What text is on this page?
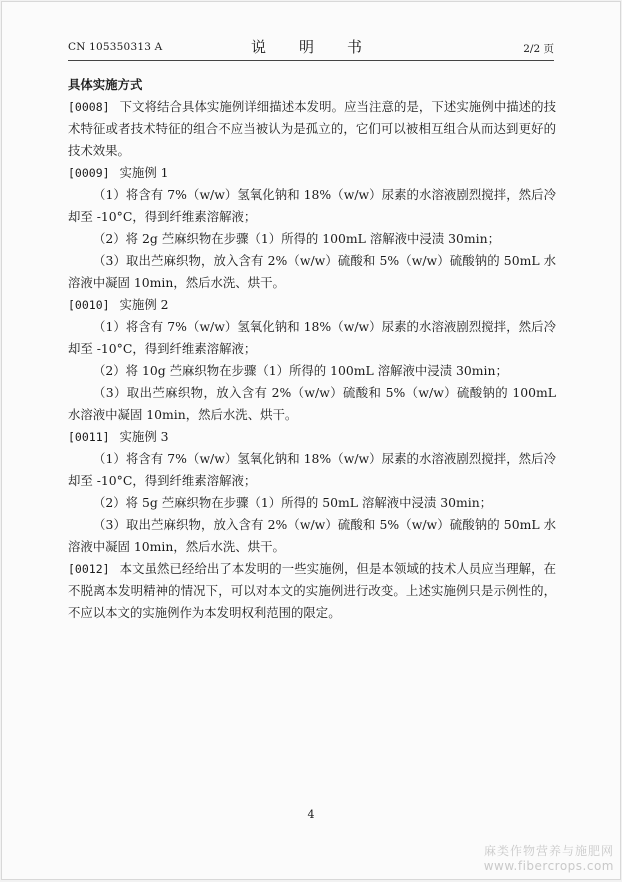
CN 105350313 A	说　明　书	2/2 页

具体实施方式

[0008] 下文将结合具体实施例详细描述本发明。应当注意的是，下述实施例中描述的技术特征或者技术特征的组合不应当被认为是孤立的，它们可以被相互组合从而达到更好的技术效果。

[0009] 实施例 1

（1）将含有 7%（w/w）氢氧化钠和 18%（w/w）尿素的水溶液剧烈搅拌，然后冷却至 -10°C，得到纤维素溶解液；

（2）将 2g 苎麻织物在步骤（1）所得的 100mL 溶解液中浸渍 30min；

（3）取出苎麻织物，放入含有 2%（w/w）硫酸和 5%（w/w）硫酸钠的 50mL 水溶液中凝固 10min，然后水洗、烘干。

[0010] 实施例 2

（1）将含有 7%（w/w）氢氧化钠和 18%（w/w）尿素的水溶液剧烈搅拌，然后冷却至 -10°C，得到纤维素溶解液；

（2）将 10g 苎麻织物在步骤（1）所得的 100mL 溶解液中浸渍 30min；

（3）取出苎麻织物，放入含有 2%（w/w）硫酸和 5%（w/w）硫酸钠的 100mL 水溶液中凝固 10min，然后水洗、烘干。

[0011] 实施例 3

（1）将含有 7%（w/w）氢氧化钠和 18%（w/w）尿素的水溶液剧烈搅拌，然后冷却至 -10°C，得到纤维素溶解液；

（2）将 5g 苎麻织物在步骤（1）所得的 50mL 溶解液中浸渍 30min；

（3）取出苎麻织物，放入含有 2%（w/w）硫酸和 5%（w/w）硫酸钠的 50mL 水溶液中凝固 10min，然后水洗、烘干。

[0012] 本文虽然已经给出了本发明的一些实施例，但是本领域的技术人员应当理解，在不脱离本发明精神的情况下，可以对本文的实施例进行改变。上述实施例只是示例性的，不应以本文的实施例作为本发明权利范围的限定。

4
麻类作物营养与施肥网
www.fibercrops.com
